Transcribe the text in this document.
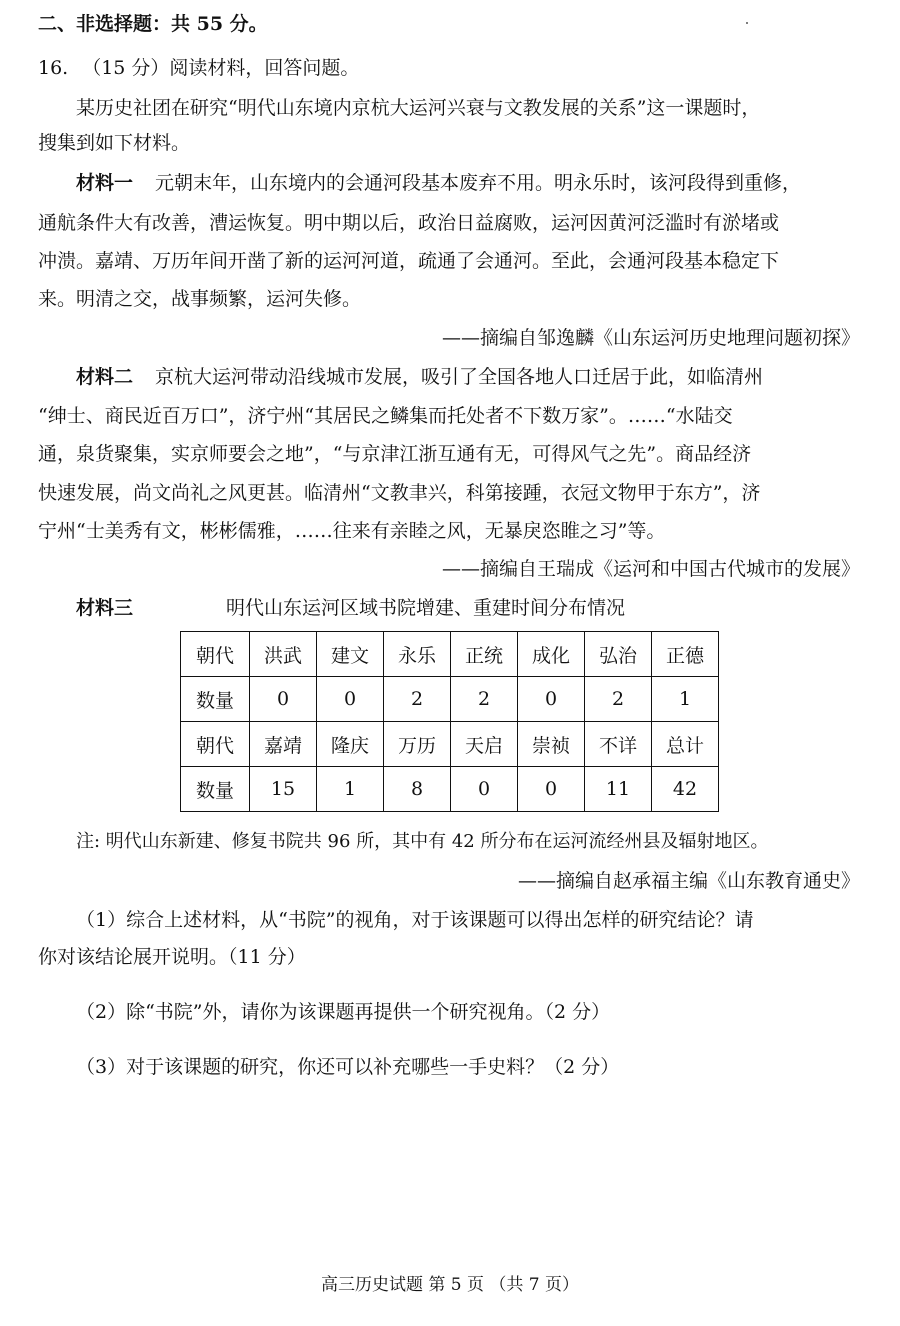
二、非选择题：共 55 分。
16. （15 分）阅读材料，回答问题。
某历史社团在研究“明代山东境内京杭大运河兴衰与文教发展的关系”这一课题时，
搜集到如下材料。
材料一 元朝末年，山东境内的会通河段基本废弃不用。明永乐时，该河段得到重修，
通航条件大有改善，漕运恢复。明中期以后，政治日益腐败，运河因黄河泛滥时有淤堵或
冲溃。嘉靖、万历年间开凿了新的运河河道，疏通了会通河。至此，会通河段基本稳定下
来。明清之交，战事频繁，运河失修。
——摘编自邹逸麟《山东运河历史地理问题初探》
材料二 京杭大运河带动沿线城市发展，吸引了全国各地人口迁居于此，如临清州
“绅士、商民近百万口”，济宁州“其居民之鳞集而托处者不下数万家”。……“水陆交
通，泉货聚集，实京师要会之地”，“与京津江浙互通有无，可得风气之先”。商品经济
快速发展，尚文尚礼之风更甚。临清州“文教聿兴，科第接踵，衣冠文物甲于东方”，济
宁州“士美秀有文，彬彬儒雅，……往来有亲睦之风，无暴戾恣睢之习”等。
——摘编自王瑞成《运河和中国古代城市的发展》
材料三	明代山东运河区域书院增建、重建时间分布情况
朝代	洪武	建文	永乐	正统	成化	弘治	正德
数量	0	0	2	2	0	2	1
朝代	嘉靖	隆庆	万历	天启	崇祯	不详	总计
数量	15	1	8	0	0	11	42
注: 明代山东新建、修复书院共 96 所，其中有 42 所分布在运河流经州县及辐射地区。
——摘编自赵承福主编《山东教育通史》
（1）综合上述材料，从“书院”的视角，对于该课题可以得出怎样的研究结论？请
你对该结论展开说明。（11 分）
（2）除“书院”外，请你为该课题再提供一个研究视角。（2 分）
（3）对于该课题的研究，你还可以补充哪些一手史料？（2 分）
高三历史试题 第 5 页 （共 7 页）
